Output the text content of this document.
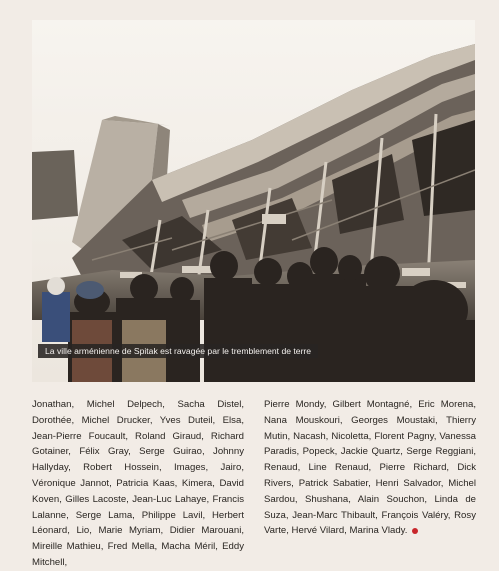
La ville arménienne de Spitak est ravagée par le tremblement de terre
Jonathan, Michel Delpech, Sacha Distel, Dorothée, Michel Drucker, Yves Duteil, Elsa, Jean-Pierre Foucault, Roland Giraud, Richard Gotainer, Félix Gray, Serge Guirao, Johnny Hallyday, Robert Hossein, Images, Jairo, Véronique Jannot, Patricia Kaas, Kimera, David Koven, Gilles Lacoste, Jean-Luc Lahaye, Francis Lalanne, Serge Lama, Philippe Lavil, Herbert Léonard, Lio, Marie Myriam, Didier Marouani, Mireille Mathieu, Fred Mella, Macha Méril, Eddy Mitchell,
Pierre Mondy, Gilbert Montagné, Eric Morena, Nana Mouskouri, Georges Moustaki, Thierry Mutin, Nacash, Nicoletta, Florent Pagny, Vanessa Paradis, Popeck, Jackie Quartz, Serge Reggiani, Renaud, Line Renaud, Pierre Richard, Dick Rivers, Patrick Sabatier, Henri Salvador, Michel Sardou, Shushana, Alain Souchon, Linda de Suza, Jean-Marc Thibault, François Valéry, Rosy Varte, Hervé Vilard, Marina Vlady.
